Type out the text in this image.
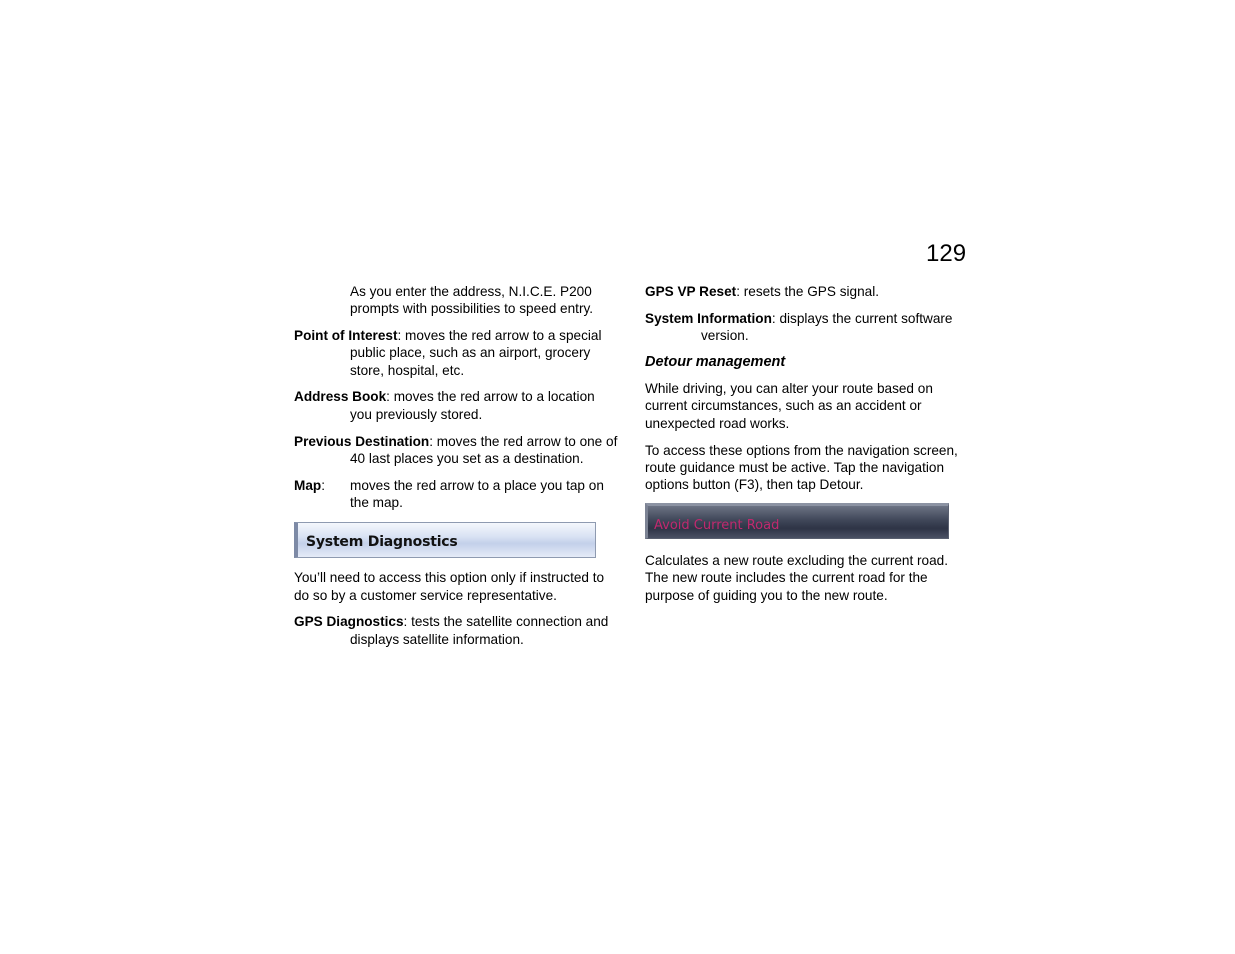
129

As you enter the address, N.I.C.E. P200 prompts with possibilities to speed entry.

Point of Interest: moves the red arrow to a special public place, such as an airport, grocery store, hospital, etc.

Address Book: moves the red arrow to a location you previously stored.

Previous Destination: moves the red arrow to one of 40 last places you set as a destination.

Map:	moves the red arrow to a place you tap on the map.
System Diagnostics

You’ll need to access this option only if instructed to do so by a customer service representative.

GPS Diagnostics: tests the satellite connection and displays satellite information.

GPS VP Reset: resets the GPS signal.

System Information: displays the current software version.

Detour management

While driving, you can alter your route based on current circumstances, such as an accident or unexpected road works.

To access these options from the navigation screen, route guidance must be active. Tap the navigation options button (F3), then tap Detour.

Avoid Current Road

Calculates a new route excluding the current road. The new route includes the current road for the purpose of guiding you to the new route.
